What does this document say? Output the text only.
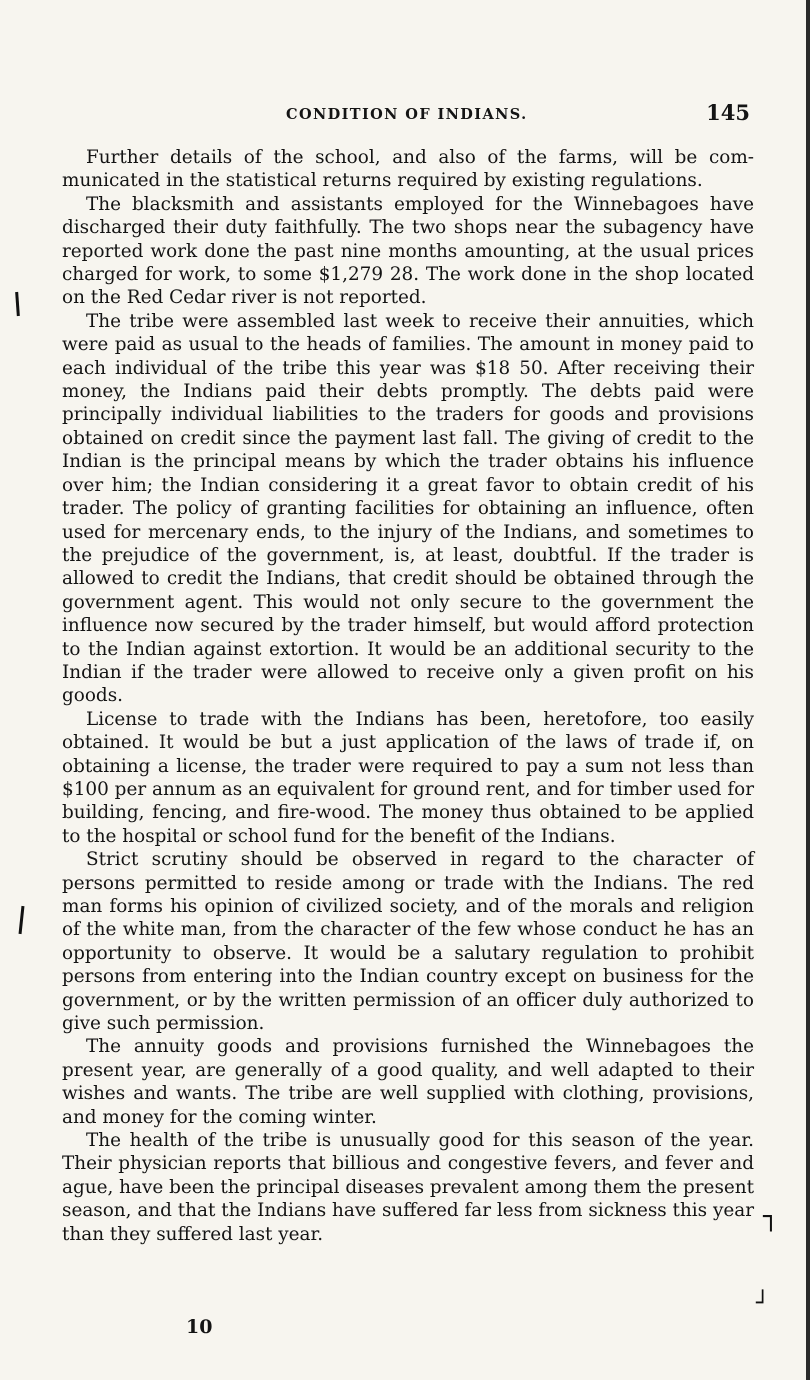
CONDITION OF INDIANS.	145

Further details of the school, and also of the farms, will be communicated in the statistical returns required by existing regulations.

The blacksmith and assistants employed for the Winnebagoes have discharged their duty faithfully. The two shops near the subagency have reported work done the past nine months amounting, at the usual prices charged for work, to some $1,279 28. The work done in the shop located on the Red Cedar river is not reported.

The tribe were assembled last week to receive their annuities, which were paid as usual to the heads of families. The amount in money paid to each individual of the tribe this year was $18 50. After receiving their money, the Indians paid their debts promptly. The debts paid were principally individual liabilities to the traders for goods and provisions obtained on credit since the payment last fall. The giving of credit to the Indian is the principal means by which the trader obtains his influence over him; the Indian considering it a great favor to obtain credit of his trader. The policy of granting facilities for obtaining an influence, often used for mercenary ends, to the injury of the Indians, and sometimes to the prejudice of the government, is, at least, doubtful. If the trader is allowed to credit the Indians, that credit should be obtained through the government agent. This would not only secure to the government the influence now secured by the trader himself, but would afford protection to the Indian against extortion. It would be an additional security to the Indian if the trader were allowed to receive only a given profit on his goods.

License to trade with the Indians has been, heretofore, too easily obtained. It would be but a just application of the laws of trade if, on obtaining a license, the trader were required to pay a sum not less than $100 per annum as an equivalent for ground rent, and for timber used for building, fencing, and fire-wood. The money thus obtained to be applied to the hospital or school fund for the benefit of the Indians.

Strict scrutiny should be observed in regard to the character of persons permitted to reside among or trade with the Indians. The red man forms his opinion of civilized society, and of the morals and religion of the white man, from the character of the few whose conduct he has an opportunity to observe. It would be a salutary regulation to prohibit persons from entering into the Indian country except on business for the government, or by the written permission of an officer duly authorized to give such permission.

The annuity goods and provisions furnished the Winnebagoes the present year, are generally of a good quality, and well adapted to their wishes and wants. The tribe are well supplied with clothing, provisions, and money for the coming winter.

The health of the tribe is unusually good for this season of the year. Their physician reports that billious and congestive fevers, and fever and ague, have been the principal diseases prevalent among them the present season, and that the Indians have suffered far less from sickness this year than they suffered last year.

10
┐
┘
